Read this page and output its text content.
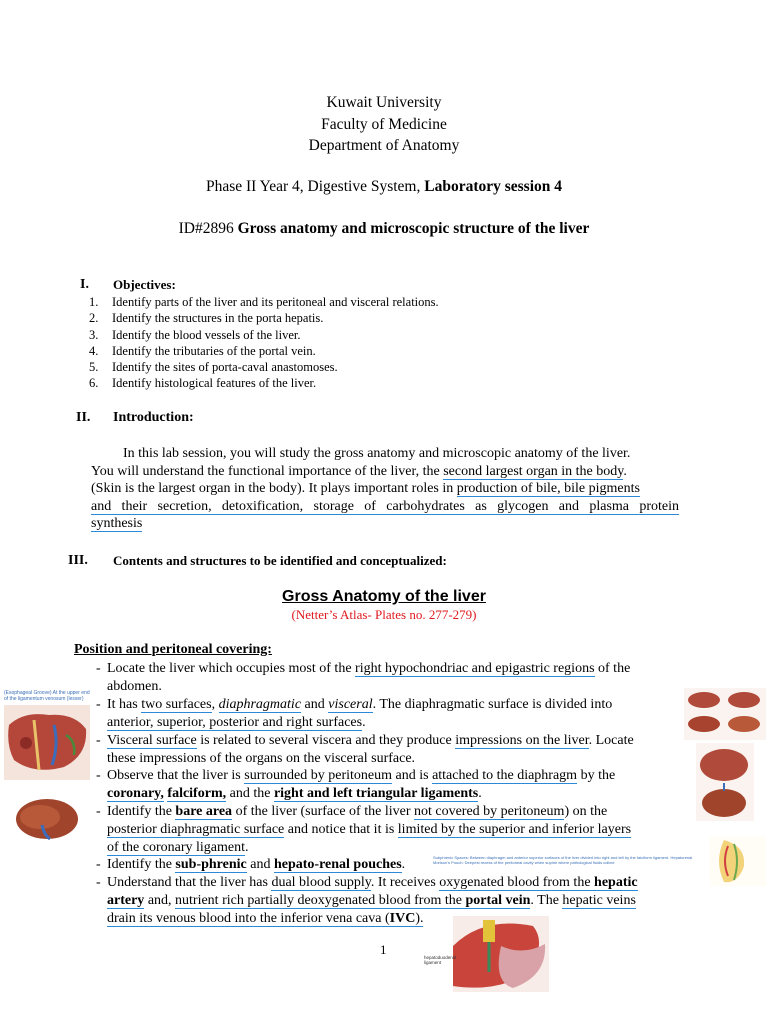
Kuwait University
Faculty of Medicine
Department of Anatomy
Phase II Year 4, Digestive System, Laboratory session 4
ID#2896 Gross anatomy and microscopic structure of the liver
I. Objectives:
1. Identify parts of the liver and its peritoneal and visceral relations.
2. Identify the structures in the porta hepatis.
3. Identify the blood vessels of the liver.
4. Identify the tributaries of the portal vein.
5. Identify the sites of porta-caval anastomoses.
6. Identify histological features of the liver.
II. Introduction:
In this lab session, you will study the gross anatomy and microscopic anatomy of the liver.
You will understand the functional importance of the liver, the second largest organ in the body.
(Skin is the largest organ in the body). It plays important roles in production of bile, bile pigments
and their secretion, detoxification, storage of carbohydrates as glycogen and plasma protein
synthesis
III. Contents and structures to be identified and conceptualized:
Gross Anatomy of the liver
(Netter’s Atlas- Plates no. 277-279)
Position and peritoneal covering:
- Locate the liver which occupies most of the right hypochondriac and epigastric regions of the
abdomen.
- It has two surfaces, diaphragmatic and visceral. The diaphragmatic surface is divided into
anterior, superior, posterior and right surfaces.
- Visceral surface is related to several viscera and they produce impressions on the liver. Locate
these impressions of the organs on the visceral surface.
- Observe that the liver is surrounded by peritoneum and is attached to the diaphragm by the
coronary, falciform, and the right and left triangular ligaments.
- Identify the bare area of the liver (surface of the liver not covered by peritoneum) on the
posterior diaphragmatic surface and notice that it is limited by the superior and inferior layers
of the coronary ligament.
- Identify the sub-phrenic and hepato-renal pouches.
- Understand that the liver has dual blood supply. It receives oxygenated blood from the hepatic
artery and, nutrient rich partially deoxygenated blood from the portal vein. The hepatic veins
drain its venous blood into the inferior vena cava (IVC).
(Esophageal Groove) At the upper end of the ligamentum venosum (lesser)
Subphrenic Spaces: Between diaphragm and anterior superior surfaces of the liver divided into right and left by the falciform ligament. Hepatorenal Morison's Pouch: Deepest recess of the peritoneal cavity when supine where pathological fluids collect
hepatoduodenal ligament
1
